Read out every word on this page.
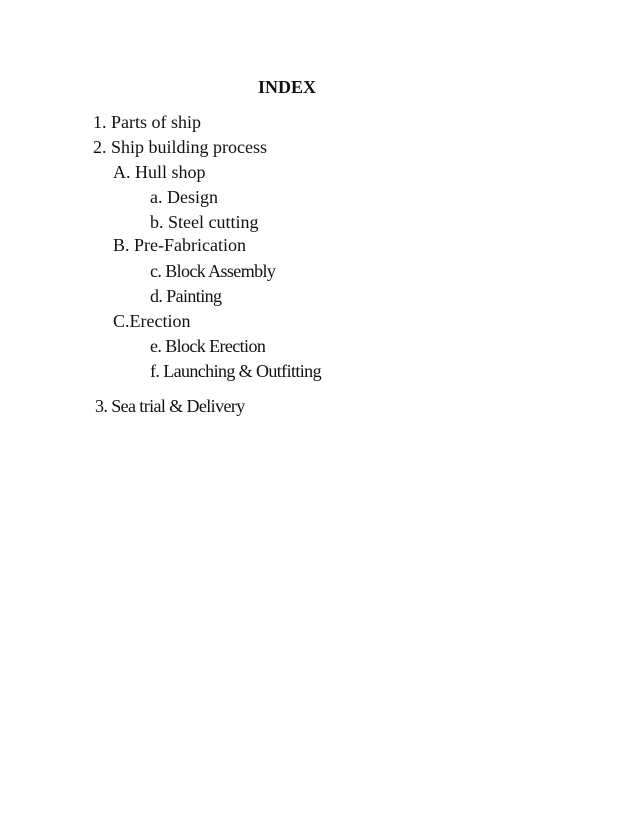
INDEX
1. Parts of ship
2. Ship building process
A. Hull shop
a. Design
b. Steel cutting
B. Pre-Fabrication
c. Block Assembly
d. Painting
C.Erection
e. Block Erection
f. Launching & Outfitting
3. Sea trial & Delivery
